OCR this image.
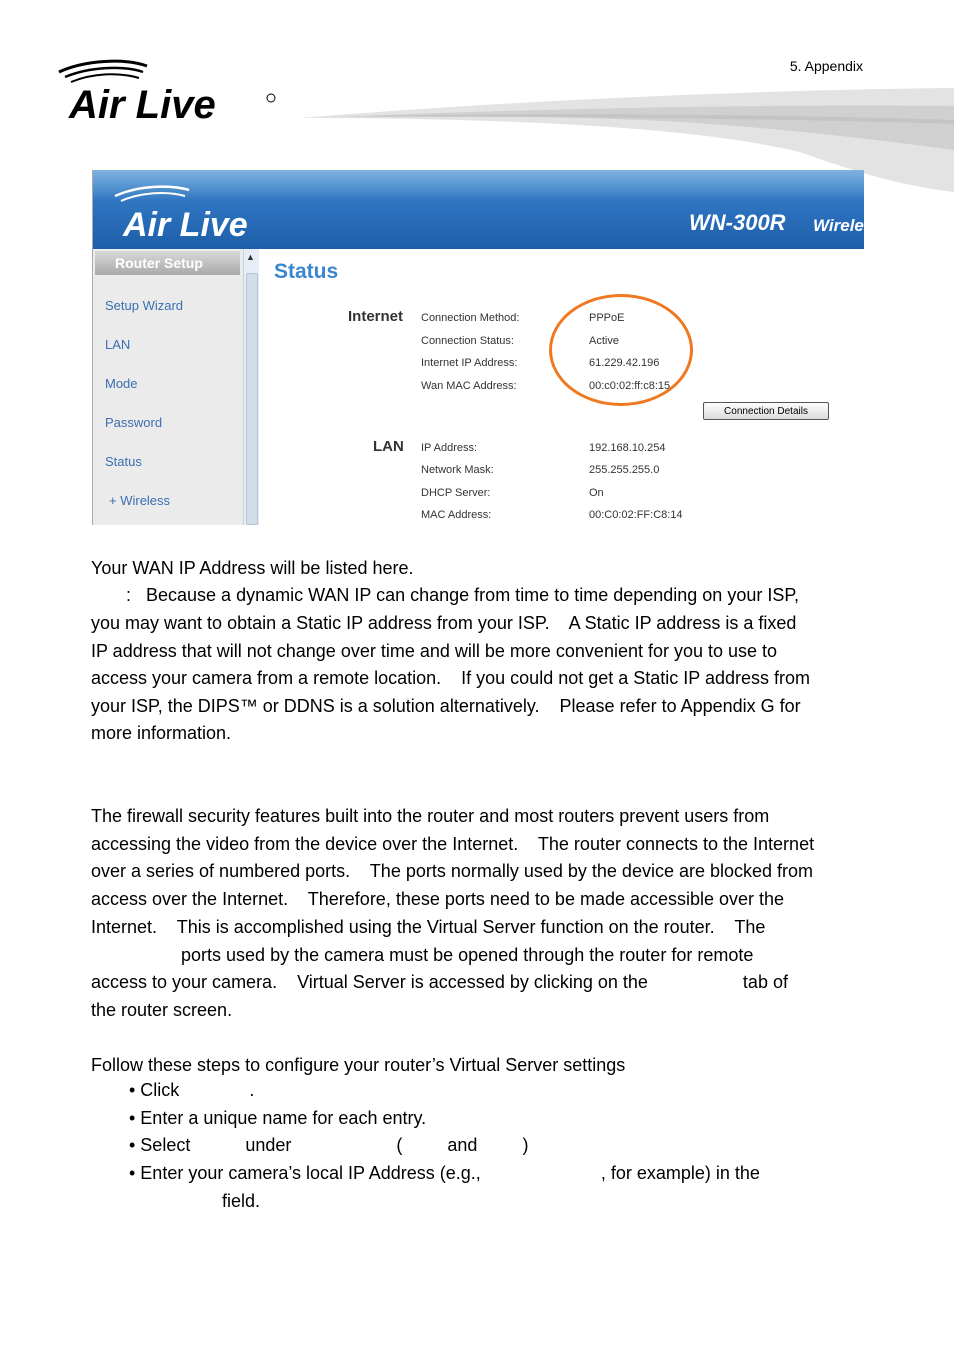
5. Appendix
Air Live
Air Live	WN-300R Wirele
Router Setup	▲
Setup Wizard
LAN
Mode
Password
Status
+ Wireless
Status
Internet Connection Method:	PPPoE
Connection Status:	Active
Internet IP Address:	61.229.42.196
Wan MAC Address:	00:c0:02:ff:c8:15
Connection Details
LAN IP Address:	192.168.10.254
Network Mask:	255.255.255.0
DHCP Server:	On
MAC Address:	00:C0:02:FF:C8:14
Your WAN IP Address will be listed here.
:   Because a dynamic WAN IP can change from time to time depending on your ISP,
you may want to obtain a Static IP address from your ISP.    A Static IP address is a fixed
IP address that will not change over time and will be more convenient for you to use to
access your camera from a remote location.    If you could not get a Static IP address from
your ISP, the DIPS™ or DDNS is a solution alternatively.    Please refer to Appendix G for
more information.
The firewall security features built into the router and most routers prevent users from
accessing the video from the device over the Internet.    The router connects to the Internet
over a series of numbered ports.    The ports normally used by the device are blocked from
access over the Internet.    Therefore, these ports need to be made accessible over the
Internet.    This is accomplished using the Virtual Server function on the router.    The
ports used by the camera must be opened through the router for remote
access to your camera.    Virtual Server is accessed by clicking on the                   tab of
the router screen.
Follow these steps to configure your router’s Virtual Server settings
• Click              .
• Enter a unique name for each entry.
• Select           under                     (         and         )
• Enter your camera’s local IP Address (e.g.,                        , for example) in the
field.
